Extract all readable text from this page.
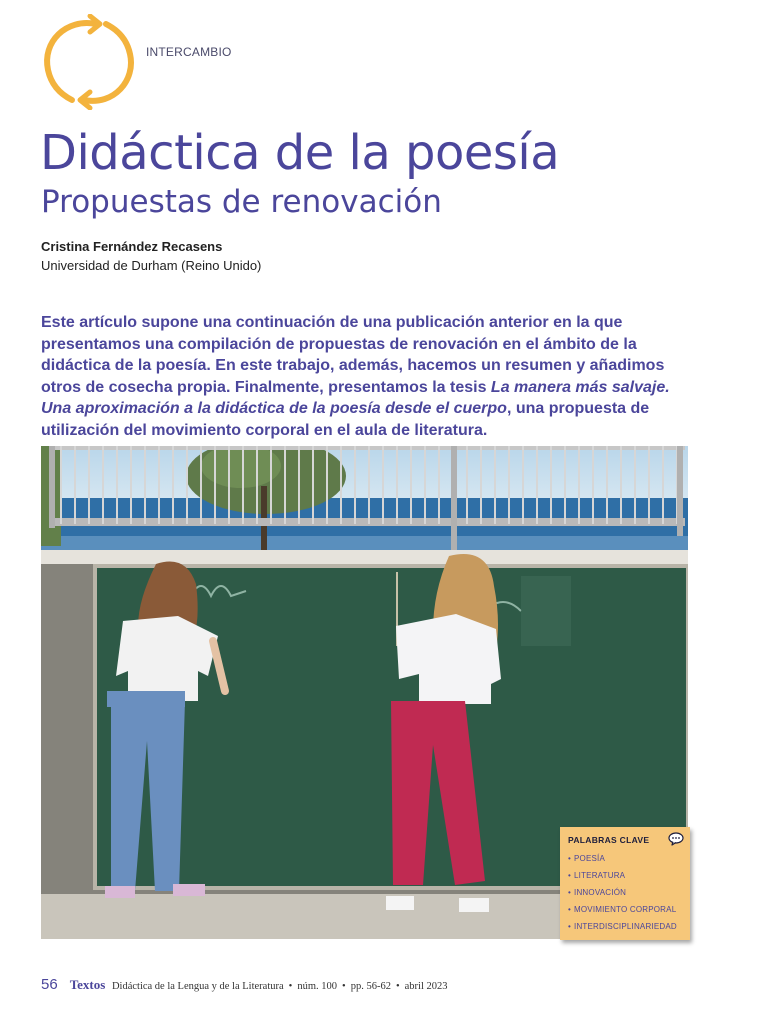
INTERCAMBIO
Didáctica de la poesía
Propuestas de renovación
Cristina Fernández Recasens
Universidad de Durham (Reino Unido)

Este artículo supone una continuación de una publicación anterior en la que presentamos una compilación de propuestas de renovación en el ámbito de la didáctica de la poesía. En este trabajo, además, hacemos un resumen y añadimos otros de cosecha propia. Finalmente, presentamos la tesis La manera más salvaje. Una aproximación a la didáctica de la poesía desde el cuerpo, una propuesta de utilización del movimiento corporal en el aula de literatura.

PALABRAS CLAVE
• POESÍA
• LITERATURA
• INNOVACIÓN
• MOVIMIENTO CORPORAL
• INTERDISCIPLINARIEDAD
56 Textos Didáctica de la Lengua y de la Literatura • núm. 100 • pp. 56-62 • abril 2023
